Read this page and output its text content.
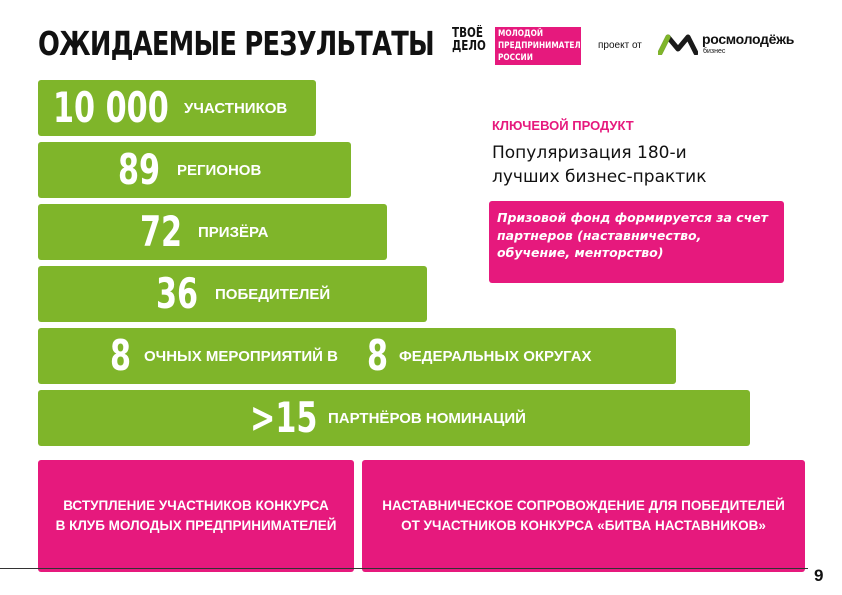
ОЖИДАЕМЫЕ РЕЗУЛЬТАТЫ ТВОЁ
ДЕЛО
МОЛОДОЙ
ПРЕДПРИНИМАТЕЛЬ
РОССИИ
проект от	росмолодёжь
бизнес
10 000 УЧАСТНИКОВ
89 РЕГИОНОВ
72 ПРИЗЁРА
36 ПОБЕДИТЕЛЕЙ
8 ОЧНЫХ МЕРОПРИЯТИЙ В 8 ФЕДЕРАЛЬНЫХ ОКРУГАХ
>15 ПАРТНЁРОВ НОМИНАЦИЙ
КЛЮЧЕВОЙ ПРОДУКТ
Популяризация 180-и
лучших бизнес-практик
Призовой фонд формируется за счет
партнеров (наставничество,
обучение, менторство)
ВСТУПЛЕНИЕ УЧАСТНИКОВ КОНКУРСА
В КЛУБ МОЛОДЫХ ПРЕДПРИНИМАТЕЛЕЙ
НАСТАВНИЧЕСКОЕ СОПРОВОЖДЕНИЕ ДЛЯ ПОБЕДИТЕЛЕЙ
ОТ УЧАСТНИКОВ КОНКУРСА «БИТВА НАСТАВНИКОВ»
9
